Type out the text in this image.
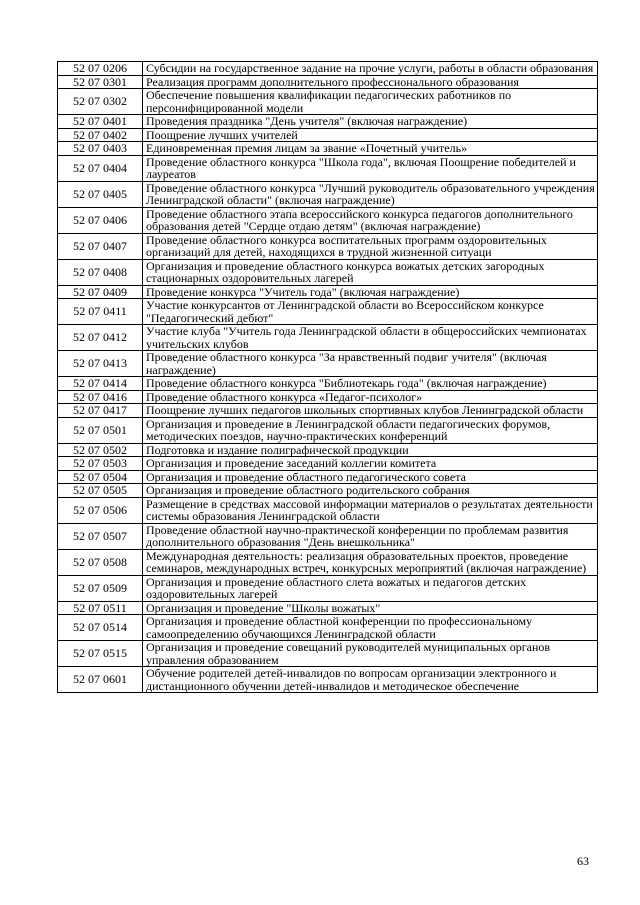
52 07 0206	Субсидии на государственное задание на прочие услуги, работы в области образования
52 07 0301	Реализация программ дополнительного профессионального образования
52 07 0302	Обеспечение повышения квалификации педагогических работников по персонифицированной модели
52 07 0401	Проведения праздника "День учителя" (включая награждение)
52 07 0402	Поощрение лучших учителей
52 07 0403	Единовременная премия лицам за звание «Почетный учитель»
52 07 0404	Проведение областного конкурса "Школа года", включая Поощрение победителей и лауреатов
52 07 0405	Проведение областного конкурса "Лучший руководитель образовательного учреждения Ленинградской области" (включая награждение)
52 07 0406	Проведение областного этапа всероссийского конкурса педагогов дополнительного образования детей "Сердце отдаю детям" (включая награждение)
52 07 0407	Проведение областного конкурса воспитательных программ оздоровительных организаций для детей, находящихся в трудной жизненной ситуаци
52 07 0408	Организация и проведение областного конкурса вожатых детских загородных стационарных оздоровительных лагерей
52 07 0409	Проведение конкурса "Учитель года" (включая награждение)
52 07 0411	Участие конкурсантов от Ленинградской области во Всероссийском конкурсе "Педагогический дебют"
52 07 0412	Участие клуба "Учитель года Ленинградской области в общероссийских чемпионатах учительских клубов
52 07 0413	Проведение областного конкурса "За нравственный подвиг учителя" (включая награждение)
52 07 0414	Проведение областного конкурса "Библиотекарь года" (включая награждение)
52 07 0416	Проведение областного конкурса «Педагог-психолог»
52 07 0417	Поощрение лучших педагогов школьных спортивных клубов Ленинградской области
52 07 0501	Организация и проведение в Ленинградской области педагогических форумов, методических поездов, научно-практических конференций
52 07 0502	Подготовка и издание полиграфической продукции
52 07 0503	Организация и проведение заседаний коллегии комитета
52 07 0504	Организация и проведение областного педагогического совета
52 07 0505	Организация и проведение областного родительского собрания
52 07 0506	Размещение в средствах массовой информации материалов о результатах деятельности системы образования Ленинградской области
52 07 0507	Проведение областной научно-практической конференции по проблемам развития дополнительного образования "День внешкольника"
52 07 0508	Международная деятельность: реализация образовательных проектов, проведение семинаров, международных встреч, конкурсных мероприятий (включая награждение)
52 07 0509	Организация и проведение областного слета вожатых и педагогов детских оздоровительных лагерей
52 07 0511	Организация и проведение "Школы вожатых"
52 07 0514	Организация и проведение областной конференции по профессиональному самоопределению обучающихся Ленинградской области
52 07 0515	Организация и проведение совещаний руководителей муниципальных органов управления образованием
52 07 0601	Обучение родителей детей-инвалидов по вопросам организации электронного и дистанционного обучении детей-инвалидов и методическое обеспечение
63
